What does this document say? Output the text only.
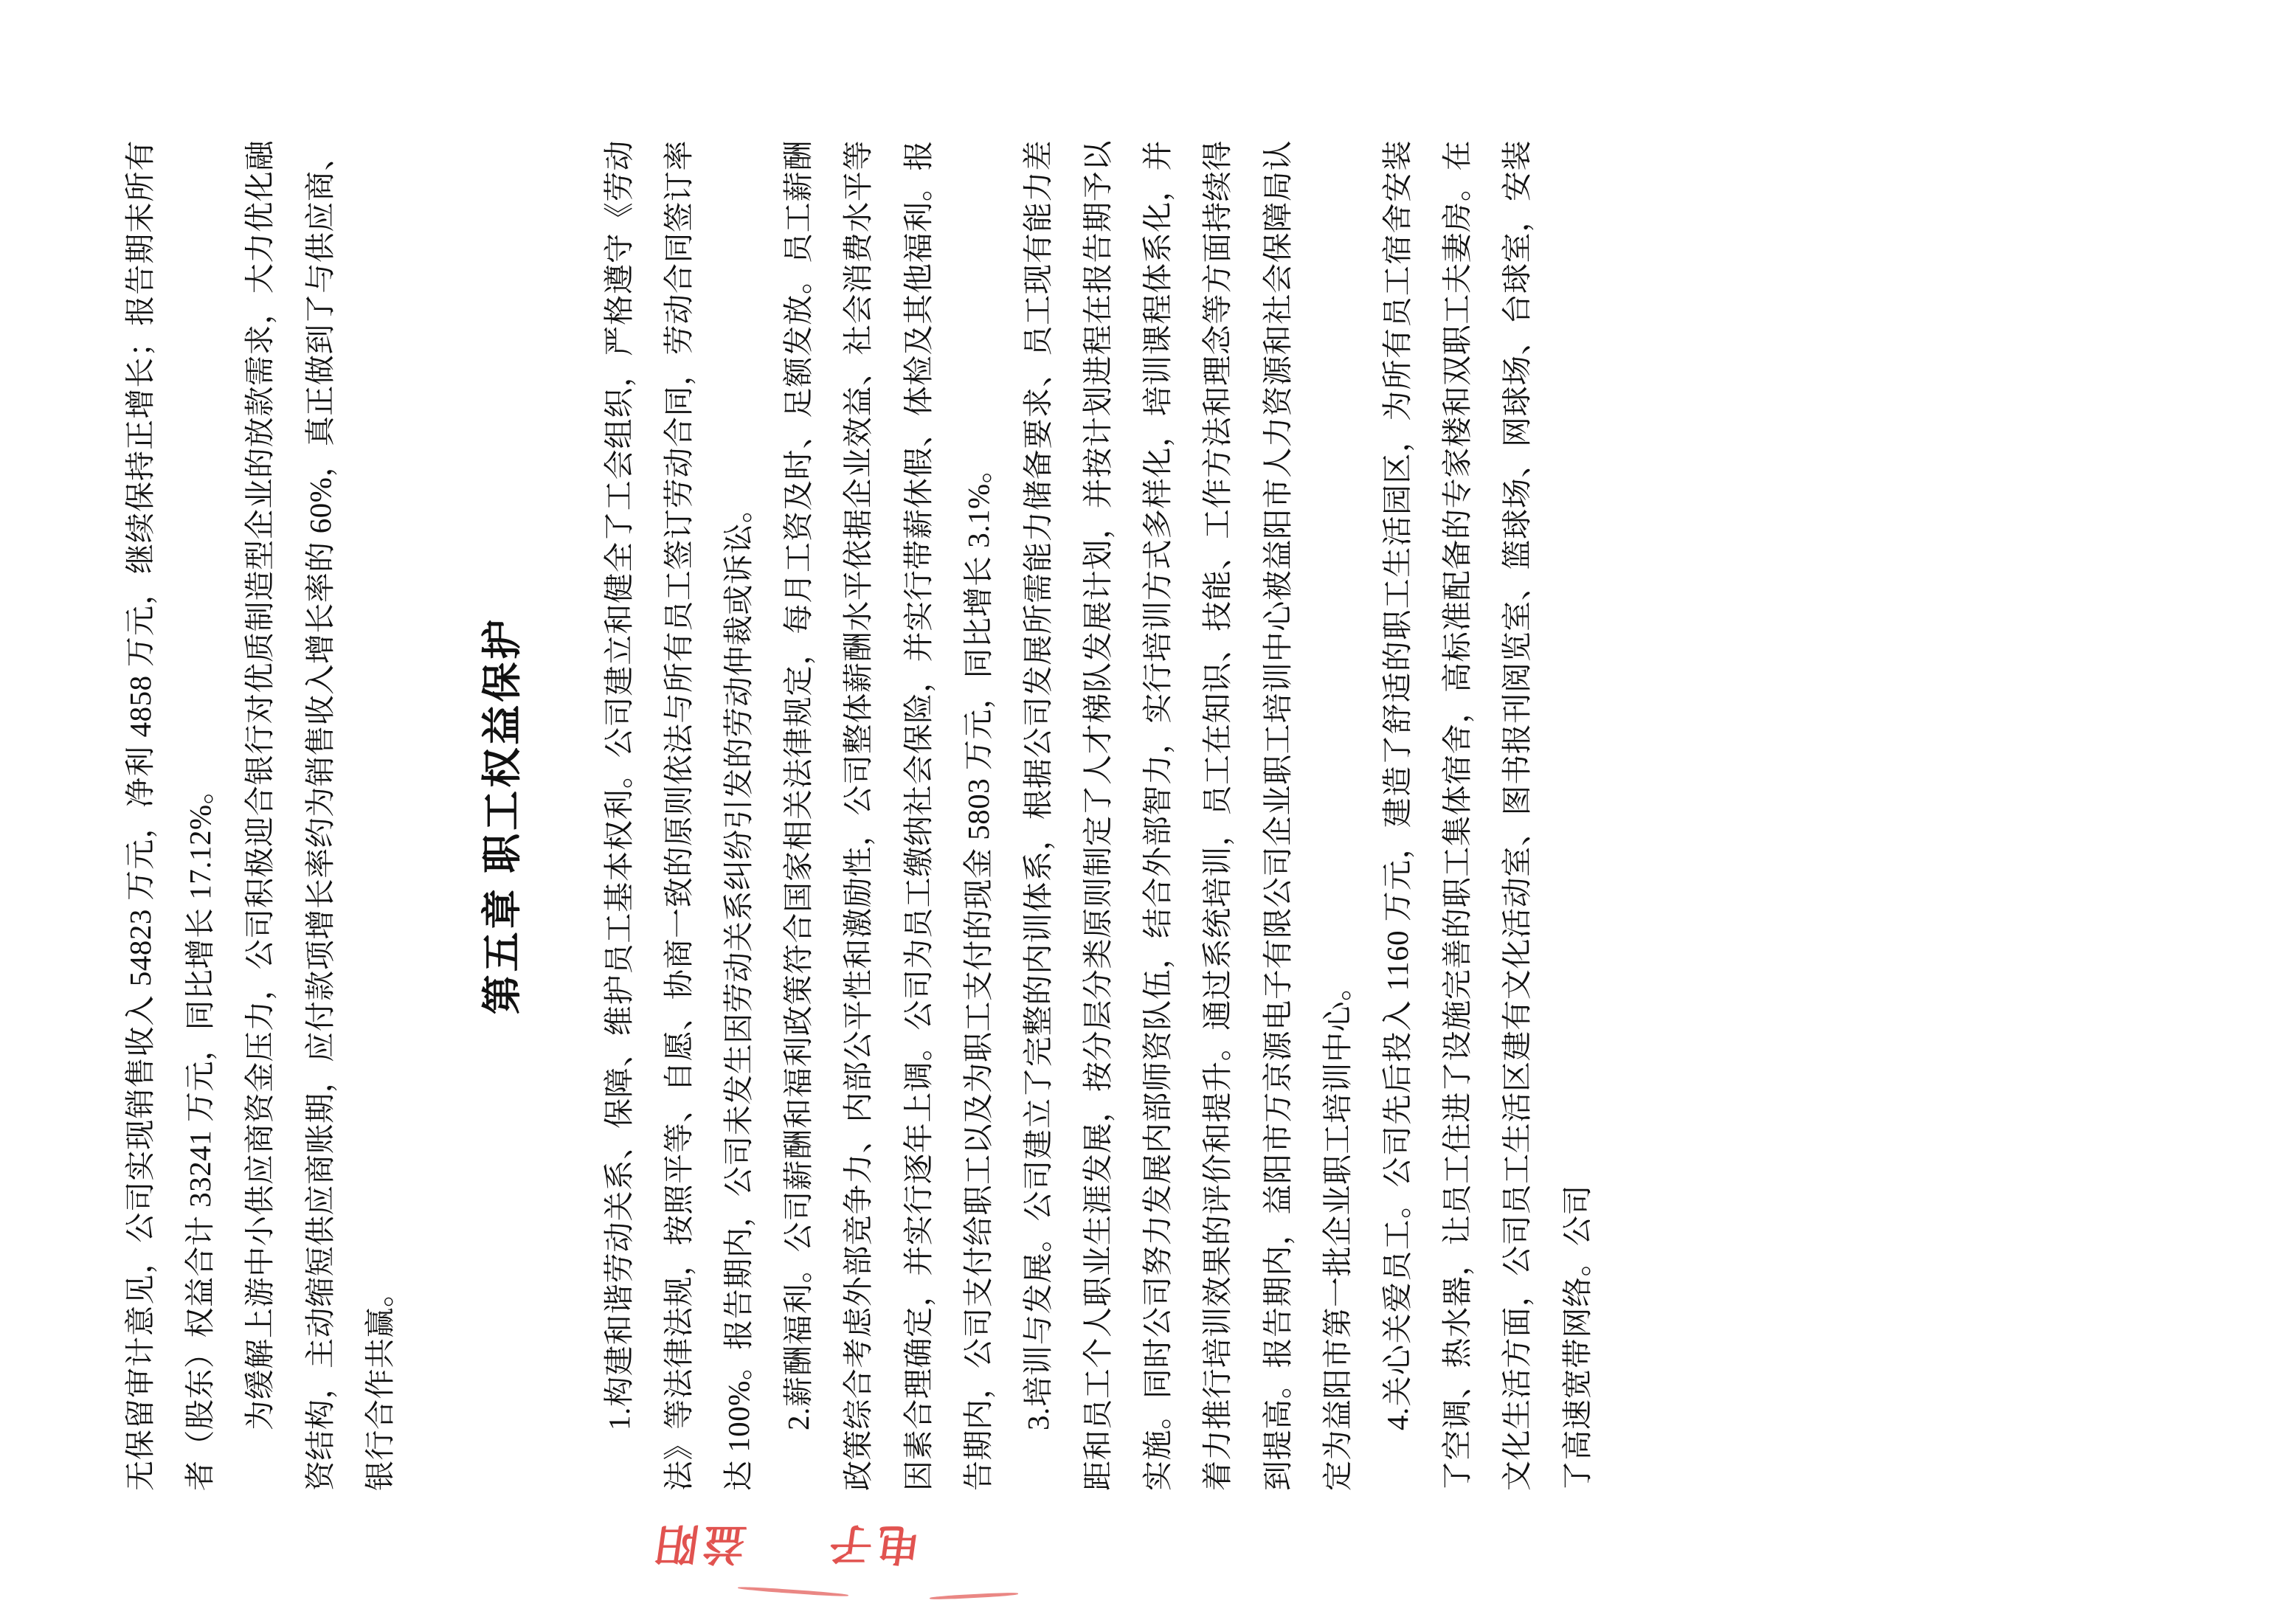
益阳 电子

无保留审计意见，公司实现销售收入 54823 万元，净利 4858 万元，继续保持正增长；报告期末所有者（股东）权益合计 33241 万元，同比增长 17.12%。 为缓解上游中小供应商资金压力，公司积极迎合银行对优质制造型企业的放款需求，大力优化融资结构，主动缩短供应商账期，应付款项增长率约为销售收入增长率的 60%，真正做到了与供应商、银行合作共赢。

第五章 职工权益保护	1.构建和谐劳动关系、保障、维护员工基本权利。公司建立和健全了工会组织，严格遵守《劳动法》等法律法规，按照平等、自愿、协商一致的原则依法与所有员工签订劳动合同，劳动合同签订率达 100%。报告期内，公司未发生因劳动关系纠纷引发的劳动仲裁或诉讼。 2.薪酬福利。公司薪酬和福利政策符合国家相关法律规定，每月工资及时、足额发放。员工薪酬政策综合考虑外部竞争力、内部公平性和激励性，公司整体薪酬水平依据企业效益、社会消费水平等因素合理确定，并实行逐年上调。公司为员工缴纳社会保险，并实行带薪休假、体检及其他福利。报告期内，公司支付给职工以及为职工支付的现金 5803 万元，同比增长 3.1%。 3.培训与发展。公司建立了完整的内训体系，根据公司发展所需能力储备要求、员工现有能力差距和员工个人职业生涯发展，按分层分类原则制定了人才梯队发展计划，并按计划进程在报告期予以实施。同时公司努力发展内部师资队伍，结合外部智力，实行培训方式多样化，培训课程体系化，并着力推行培训效果的评价和提升。通过系统培训，员工在知识、技能、工作方法和理念等方面持续得到提高。报告期内，益阳市万京源电子有限公司企业职工培训中心被益阳市人力资源和社会保障局认定为益阳市第一批企业职工培训中心。 4.关心关爱员工。公司先后投入 1160 万元，建造了舒适的职工生活园区，为所有员工宿舍安装了空调、热水器，让员工住进了设施完善的职工集体宿舍，高标准配备的专家楼和双职工夫妻房。在文化生活方面，公司员工生活区建有文化活动室、图书报刊阅览室、篮球场、网球场、台球室，安装了高速宽带网络。公司
